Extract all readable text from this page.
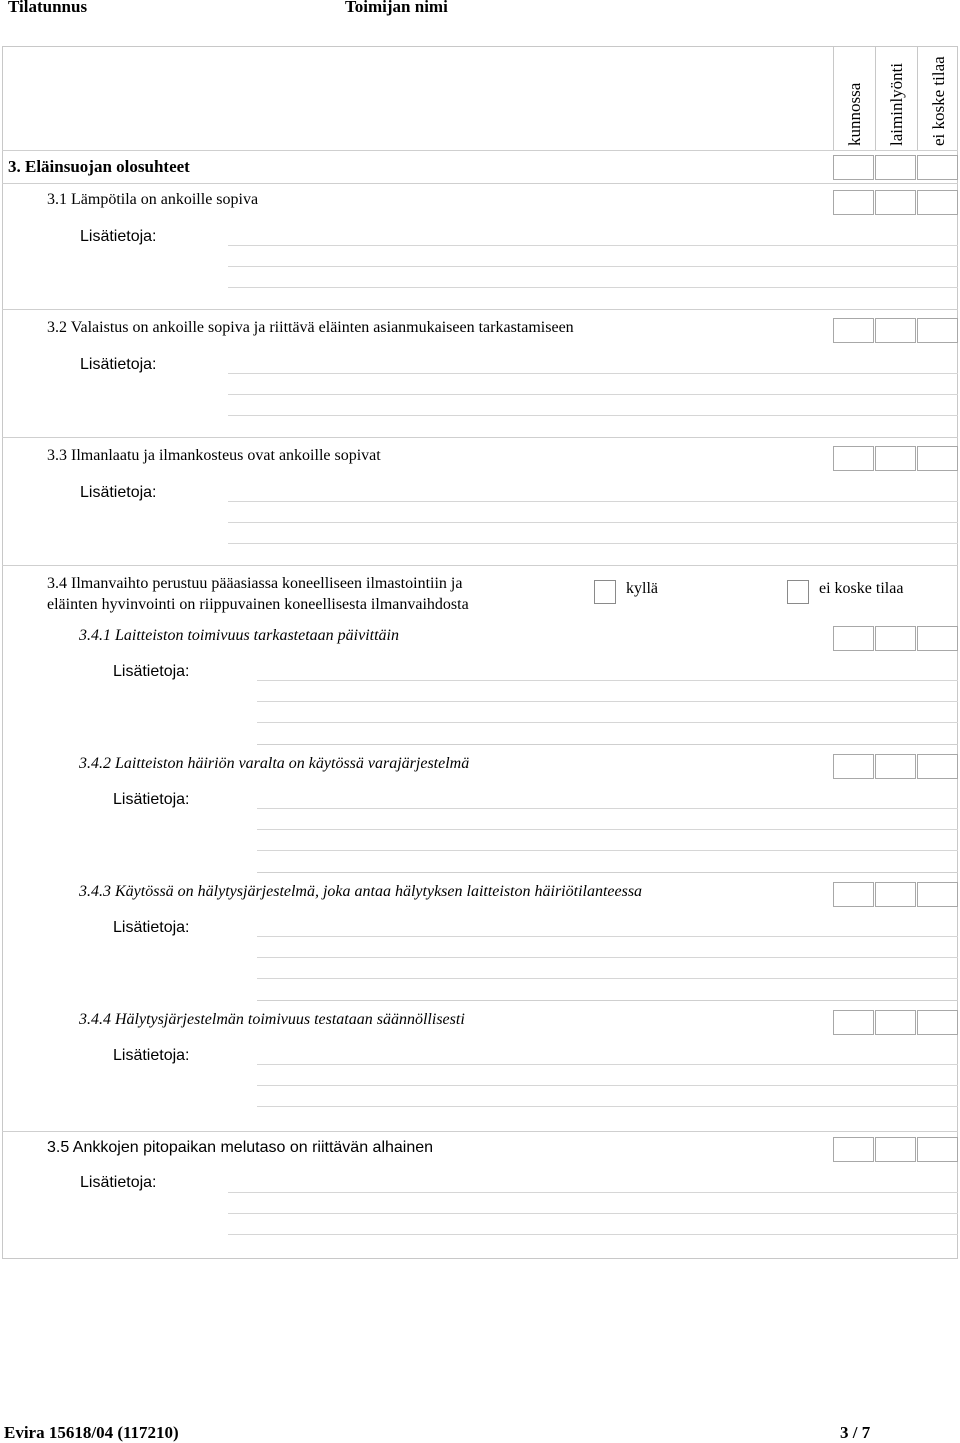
Tilatunnus	Toimijan nimi
kunnossa laiminlyönti ei koske tilaa
3. Eläinsuojan olosuhteet
3.1 Lämpötila on ankoille sopiva
Lisätietoja:
3.2 Valaistus on ankoille sopiva ja riittävä eläinten asianmukaiseen tarkastamiseen
Lisätietoja:
3.3 Ilmanlaatu ja ilmankosteus ovat ankoille sopivat
Lisätietoja:
3.4 Ilmanvaihto perustuu pääasiassa koneelliseen ilmastointiin ja
eläinten hyvinvointi on riippuvainen koneellisesta ilmanvaihdosta
kyllä	ei koske tilaa
3.4.1 Laitteiston toimivuus tarkastetaan päivittäin
Lisätietoja:
3.4.2 Laitteiston häiriön varalta on käytössä varajärjestelmä
Lisätietoja:
3.4.3 Käytössä on hälytysjärjestelmä, joka antaa hälytyksen laitteiston häiriötilanteessa
Lisätietoja:
3.4.4 Hälytysjärjestelmän toimivuus testataan säännöllisesti
Lisätietoja:
3.5 Ankkojen pitopaikan melutaso on riittävän alhainen
Lisätietoja:
Evira 15618/04 (117210)	3 / 7
